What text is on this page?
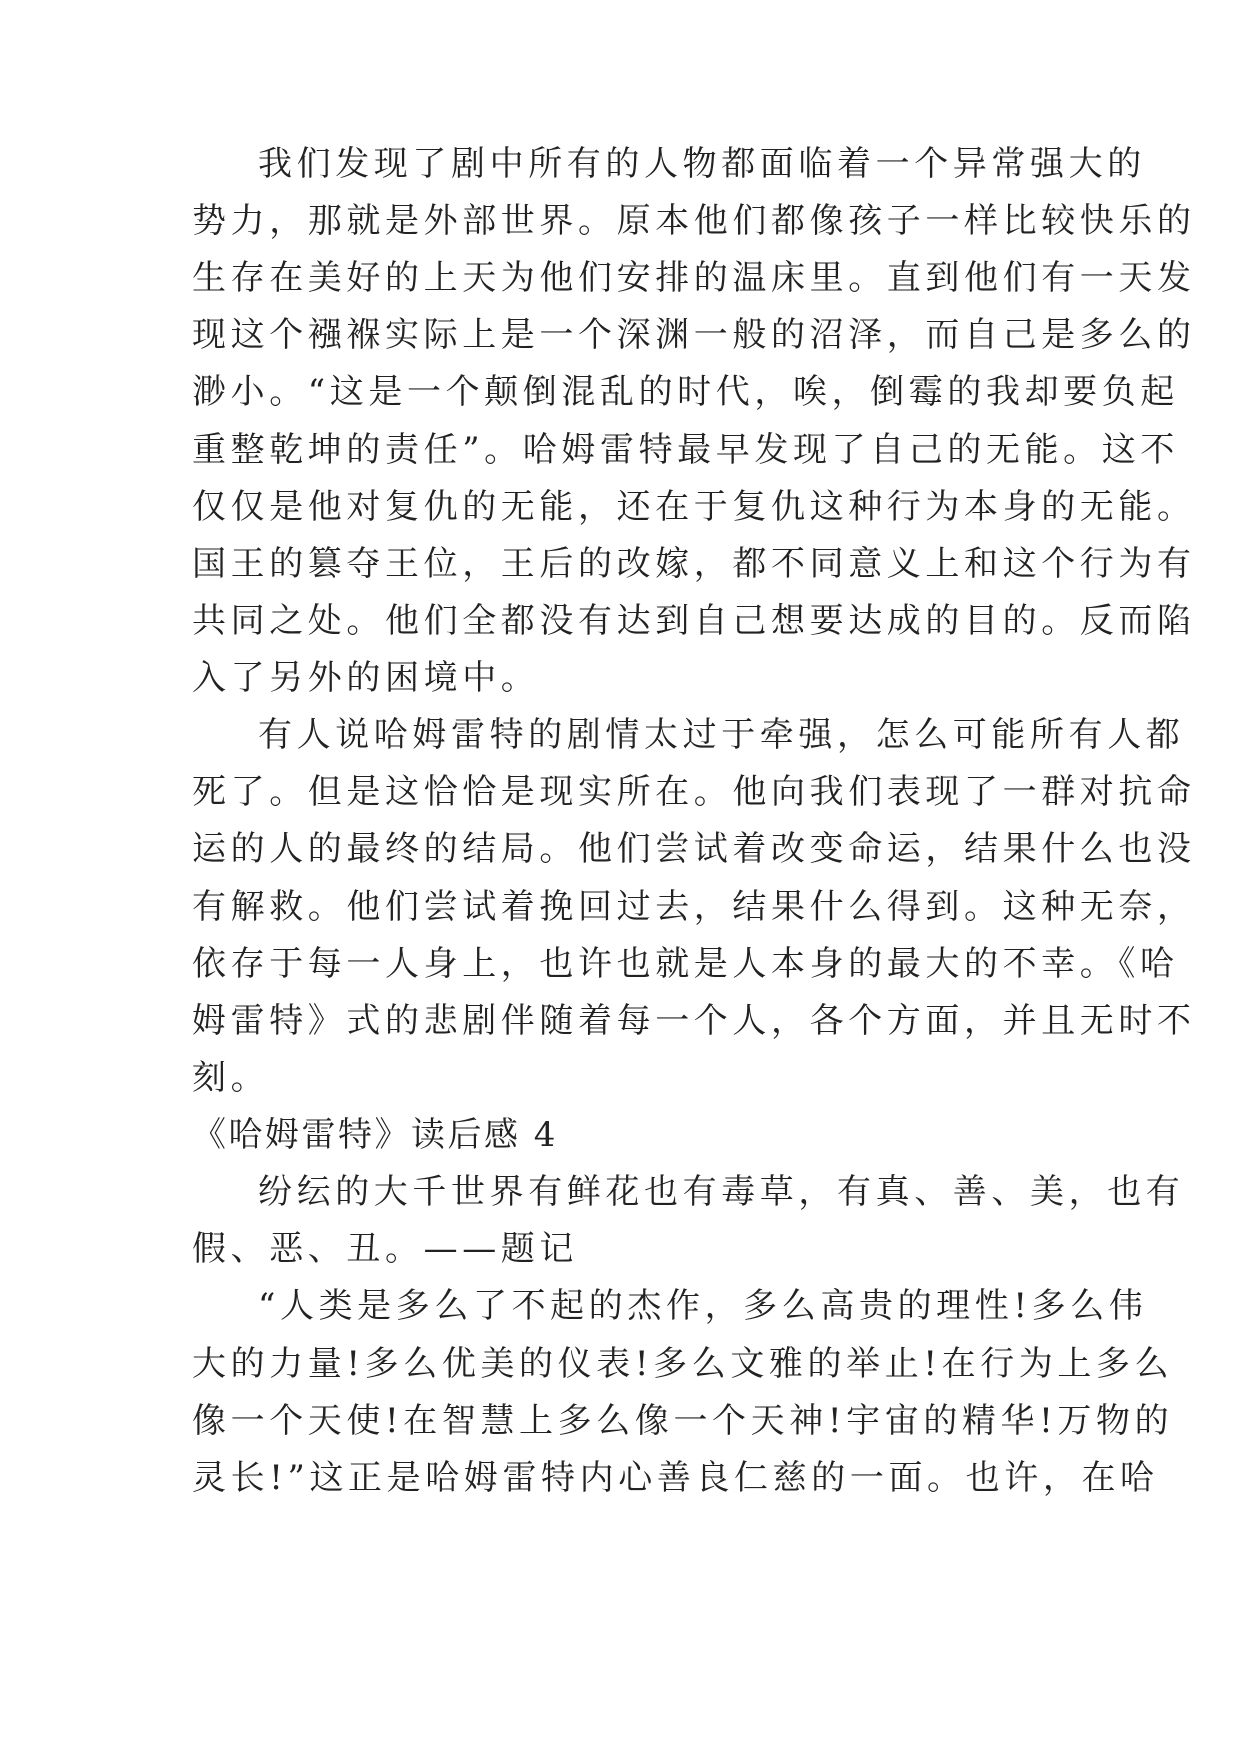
我们发现了剧中所有的人物都面临着一个异常强大的
势力，那就是外部世界。原本他们都像孩子一样比较快乐的
生存在美好的上天为他们安排的温床里。直到他们有一天发
现这个襁褓实际上是一个深渊一般的沼泽，而自己是多么的
渺小。“这是一个颠倒混乱的时代，唉，倒霉的我却要负起
重整乾坤的责任”。哈姆雷特最早发现了自己的无能。这不
仅仅是他对复仇的无能，还在于复仇这种行为本身的无能。
国王的篡夺王位，王后的改嫁，都不同意义上和这个行为有
共同之处。他们全都没有达到自己想要达成的目的。反而陷
入了另外的困境中。
有人说哈姆雷特的剧情太过于牵强，怎么可能所有人都
死了。但是这恰恰是现实所在。他向我们表现了一群对抗命
运的人的最终的结局。他们尝试着改变命运，结果什么也没
有解救。他们尝试着挽回过去，结果什么得到。这种无奈，
依存于每一人身上，也许也就是人本身的最大的不幸。《哈
姆雷特》式的悲剧伴随着每一个人，各个方面，并且无时不
刻。
《哈姆雷特》读后感 4
纷纭的大千世界有鲜花也有毒草，有真、善、美，也有
假、恶、丑。——题记
“人类是多么了不起的杰作，多么高贵的理性!多么伟
大的力量!多么优美的仪表!多么文雅的举止!在行为上多么
像一个天使!在智慧上多么像一个天神!宇宙的精华!万物的
灵长!”这正是哈姆雷特内心善良仁慈的一面。也许，在哈
